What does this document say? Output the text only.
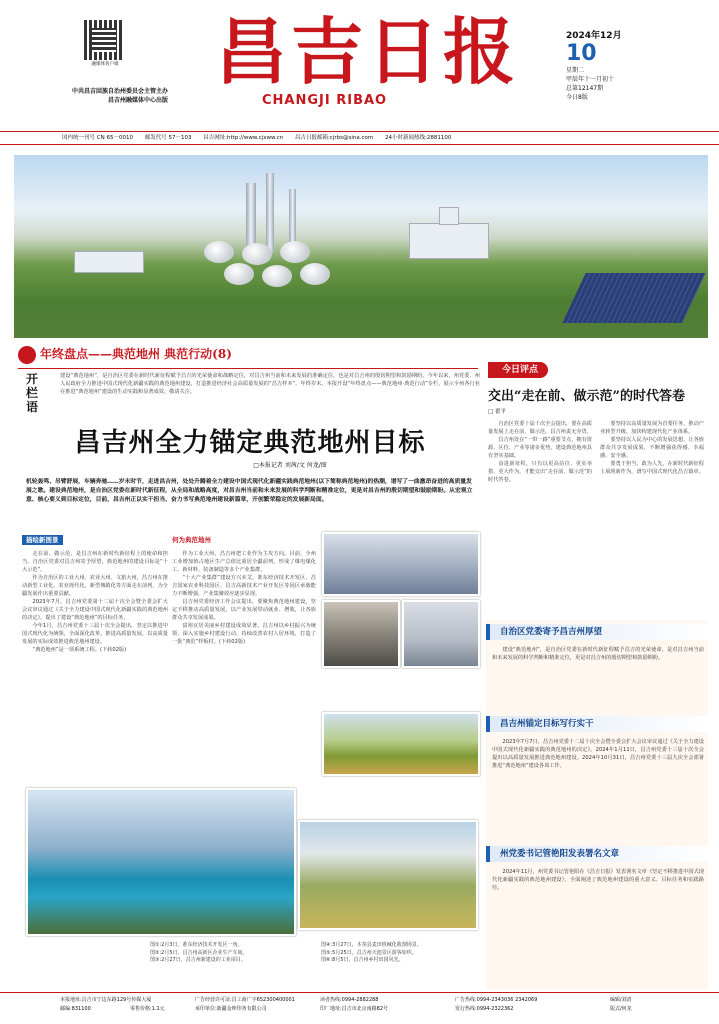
融媒体客户端
中共昌吉回族自治州委员会主管主办
昌吉州融媒体中心出版
昌吉日报
CHANGJI RIBAO
2024年12月
10
星期二
甲辰年十一月初十
总第12147期
今日8版
国内统一刊号 CN 65－0010 邮发代号 57－103 昌吉网址:http://www.cjxww.cn 昌吉日报邮箱:cjrbs@sina.com 24小时新闻热线:2881100
年终盘点——典范地州 典范行动(8)
开栏语
建设“典范地州”，是自治区党委在新时代新征程赋予昌吉的光荣使命和战略定位，对昌吉州当前和未来发展的准确定位，也是对昌吉州的殷切期望和鼓励期盼。今年以来，州党委、州人民政府全力推进中国式现代化新疆实践的典范地州建设，打造推进经济社会高质量发展的“昌吉样本”。年终岁末，本报开设“年终盘点——典范地州·典范行动”专栏，展示全州各行业在推进“典范地州”建设的生动实践和显著成效，敬请关注。
昌吉州全力锚定典范地州目标
□本报记者 刘茜/文 何龙/图
机轮轰鸣、吊臂舒展，车辆奔驰……岁末时节，走进昌吉州，处处升腾着全力建设中国式现代化新疆实践典范地州(以下简称典范地州)的热潮，谱写了一曲激昂奋进的高质量发展之歌。建设典范地州，是自治区党委在新时代新征程，从全局和战略高度，对昌吉州当前和未来发展的科学判断和精准定位，更是对昌吉州的殷切期望和鼓励期盼。从宏观立意、核心要义到目标定位，目前，昌吉州正以实干担当、奋力书写典范地州建设新篇章，开创繁荣稳定的发展新局面。
描绘新图景	何为典范地州

走在前、做示范，是昌吉州在新时代新征程上的使命和担当。自治区党委对昌吉州寄予厚望，典范地州的建设目标是“十大示范”。

作为自治区的工业大州、农业大州、文旅大州，昌吉州在推动新型工业化、农业现代化、新型城镇化等方面走在前列，为全疆发展作出重要贡献。

2023年7月，昌吉州党委第十二届十次全会暨全委会扩大会议审议通过《关于全力建设中国式现代化新疆实践的典范地州的决定》，提出了建设“典范地州”的目标任务。

今年1月，昌吉州党委十三届十次全会提出，坚定以推进中国式现代化为统领，全面深化改革，推进高质量发展，以高质量发展的实际成效推进典范地州建设。

“典范地州”是一项系统工程。(下转02版)

作为工业大州，昌吉州把工业作为主攻方向。目前，全州工业增加值占地区生产总值比重居全疆前列，形成了煤电煤化工、新材料、装备制造等多个产业集群。

“十大产业集群”建设方兴未艾。准东经济技术开发区、昌吉国家农业科技园区、昌吉高新技术产业开发区等园区承载能力不断增强，产业集聚效应逐步显现。

昌吉州党委经济工作会议提出，要聚焦典范地州建设，坚定不移推动高质量发展，以产业发展带动就业、增收，让各族群众共享发展成果。

富裕宜居美丽乡村建设成效显著。昌吉州以乡村振兴为统领，深入实施乡村建设行动，持续改善农村人居环境，打造了一批“典范”样板村。(下转02版)

图①:2月3日，准东经济技术开发区一角。	图④:3月27日，木垒县麦田机械化收割场景。
图②:2月5日，昌吉州高新区企业生产车间。	图⑤:5月25日，昌吉州天池景区游客如织。
图③:2月27日，昌吉州新建设的工业项目。	图⑥:8月5日，昌吉州乡村田园风光。
今日评点
交出“走在前、做示范”的时代答卷
□ 翟平

自治区党委十届十次全会提出，要在高质量发展上走在前、做示范，昌吉州责无旁贷。

昌吉州处在“一带一路”重要节点，拥有资源、区位、产业等诸多优势，建设典范地州具有坚实基础。

奋进新征程，只有以更高站位、更实举措、更大作为，才能交出“走在前、做示范”的时代答卷。

要坚持以高质量发展为首要任务，推动产业转型升级，加快构建现代化产业体系。

要坚持以人民为中心的发展思想，让各族群众共享发展成果，不断增强获得感、幸福感、安全感。

要勇于担当、敢为人先，在新时代新征程上展现新作为，谱写中国式现代化昌吉篇章。

自治区党委寄予昌吉州厚望

建设“典范地州”，是自治区党委在新时代新征程赋予昌吉的光荣使命，是对昌吉州当前和未来发展的科学判断和精准定位，更是对昌吉州的殷切期望和鼓励期盼。

昌吉州锚定目标写行实干

2023年7月7日，昌吉州党委十二届十次全会暨全委会扩大会议审议通过《关于全力建设中国式现代化新疆实践的典范地州的决定》。2024年1月11日，昌吉州党委十三届十次全会提出以高质量发展推进典范地州建设。2024年10月31日，昌吉州党委十三届九次全会部署推进“典范地州”建设各项工作。

州党委书记管艳阳发表署名文章

2024年11月，州党委书记管艳阳在《昌吉日报》发表署名文章《坚定不移推进中国式现代化新疆实践的典范地州建设》，全面阐述了典范地州建设的重大意义、目标任务和实践路径。

本报地址:昌吉市宁边东路129号传媒大厦
邮编:831100	零售价格:1.1元
广告经营许可证:昌工商广字652300400001
承印单位:新疆金坤印务有限公司
读者热线:0994-2882288
印厂地址:昌吉市北京南路82号
广告热线:0994-2343036 2342069
发行热线:0994-2322362
编辑/刘清
版式/何龙
